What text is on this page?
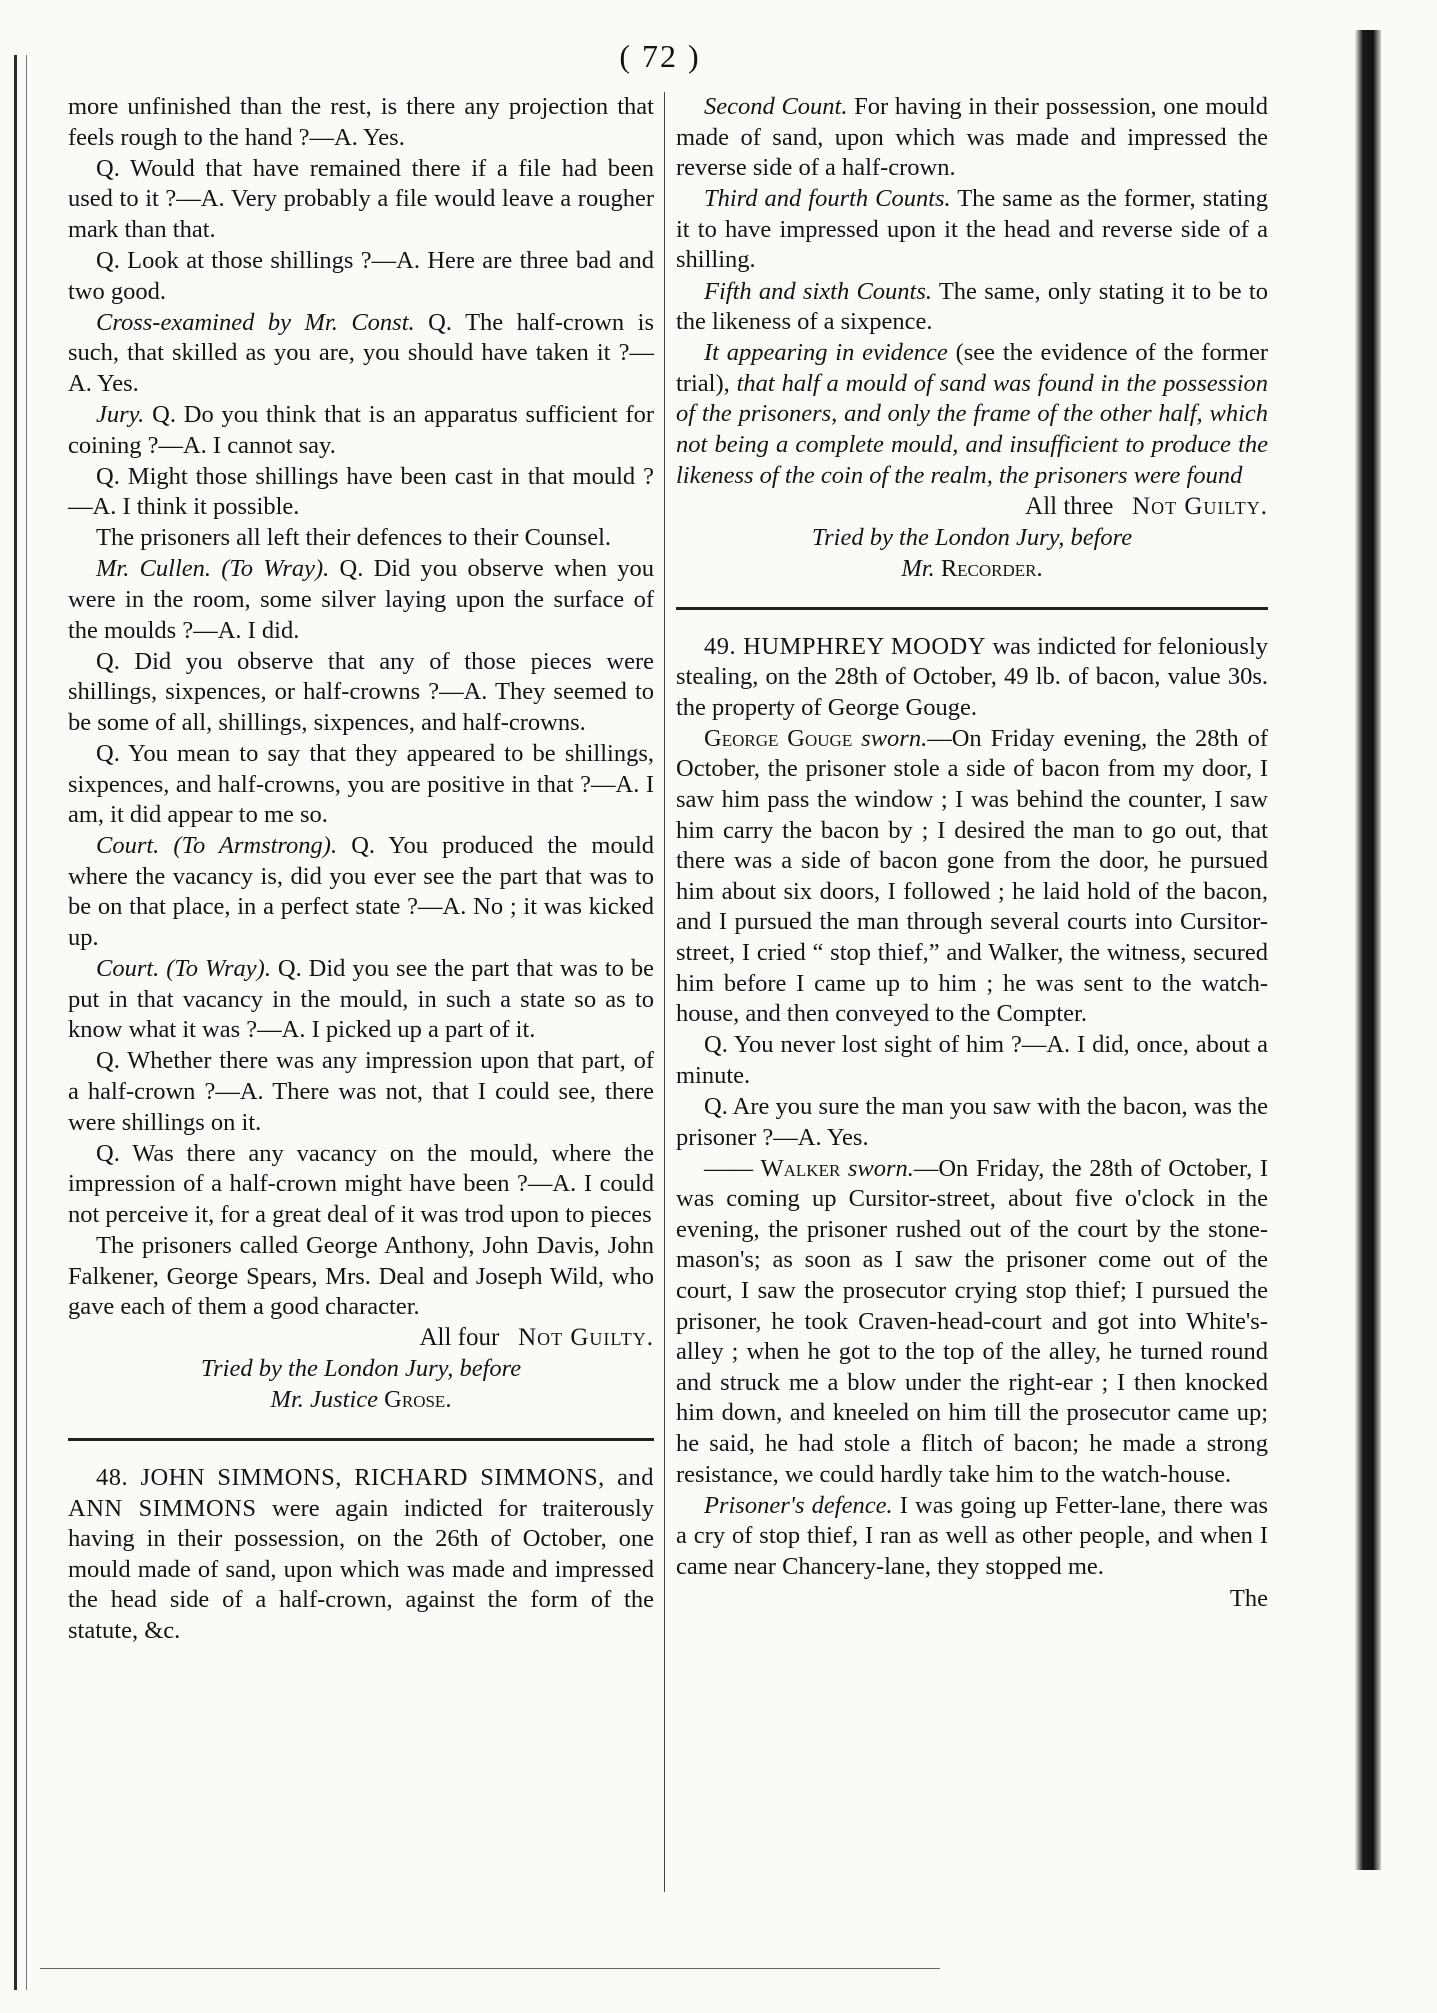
( 72 )

more unfinished than the rest, is there any projection that feels rough to the hand ?—A. Yes.

Q. Would that have remained there if a file had been used to it ?—A. Very probably a file would leave a rougher mark than that.

Q. Look at those shillings ?—A. Here are three bad and two good.

Cross-examined by Mr. Const. Q. The half-crown is such, that skilled as you are, you should have taken it ?—A. Yes.

Jury. Q. Do you think that is an apparatus sufficient for coining ?—A. I cannot say.

Q. Might those shillings have been cast in that mould ?—A. I think it possible.

The prisoners all left their defences to their Counsel.

Mr. Cullen. (To Wray). Q. Did you observe when you were in the room, some silver laying upon the surface of the moulds ?—A. I did.

Q. Did you observe that any of those pieces were shillings, sixpences, or half-crowns ?—A. They seemed to be some of all, shillings, sixpences, and half-crowns.

Q. You mean to say that they appeared to be shillings, sixpences, and half-crowns, you are positive in that ?—A. I am, it did appear to me so.

Court. (To Armstrong). Q. You produced the mould where the vacancy is, did you ever see the part that was to be on that place, in a perfect state ?—A. No ; it was kicked up.

Court. (To Wray). Q. Did you see the part that was to be put in that vacancy in the mould, in such a state so as to know what it was ?—A. I picked up a part of it.

Q. Whether there was any impression upon that part, of a half-crown ?—A. There was not, that I could see, there were shillings on it.

Q. Was there any vacancy on the mould, where the impression of a half-crown might have been ?—A. I could not perceive it, for a great deal of it was trod upon to pieces

The prisoners called George Anthony, John Davis, John Falkener, George Spears, Mrs. Deal and Joseph Wild, who gave each of them a good character.

All four Not Guilty.

Tried by the London Jury, before

Mr. Justice Grose.

48. JOHN SIMMONS, RICHARD SIMMONS, and ANN SIMMONS were again indicted for traiterously having in their possession, on the 26th of October, one mould made of sand, upon which was made and impressed the head side of a half-crown, against the form of the statute, &c.

Second Count. For having in their possession, one mould made of sand, upon which was made and impressed the reverse side of a half-crown.

Third and fourth Counts. The same as the former, stating it to have impressed upon it the head and reverse side of a shilling.

Fifth and sixth Counts. The same, only stating it to be to the likeness of a sixpence.

It appearing in evidence (see the evidence of the former trial), that half a mould of sand was found in the possession of the prisoners, and only the frame of the other half, which not being a complete mould, and insufficient to produce the likeness of the coin of the realm, the prisoners were found

All three Not Guilty.

Tried by the London Jury, before

Mr. Recorder.

49. HUMPHREY MOODY was indicted for feloniously stealing, on the 28th of October, 49 lb. of bacon, value 30s. the property of George Gouge.

George Gouge sworn.—On Friday evening, the 28th of October, the prisoner stole a side of bacon from my door, I saw him pass the window ; I was behind the counter, I saw him carry the bacon by ; I desired the man to go out, that there was a side of bacon gone from the door, he pursued him about six doors, I followed ; he laid hold of the bacon, and I pursued the man through several courts into Cursitor-street, I cried “ stop thief,” and Walker, the witness, secured him before I came up to him ; he was sent to the watch-house, and then conveyed to the Compter.

Q. You never lost sight of him ?—A. I did, once, about a minute.

Q. Are you sure the man you saw with the bacon, was the prisoner ?—A. Yes.

—— Walker sworn.—On Friday, the 28th of October, I was coming up Cursitor-street, about five o'clock in the evening, the prisoner rushed out of the court by the stone-mason's; as soon as I saw the prisoner come out of the court, I saw the prosecutor crying stop thief; I pursued the prisoner, he took Craven-head-court and got into White's-alley ; when he got to the top of the alley, he turned round and struck me a blow under the right-ear ; I then knocked him down, and kneeled on him till the prosecutor came up; he said, he had stole a flitch of bacon; he made a strong resistance, we could hardly take him to the watch-house.

Prisoner's defence. I was going up Fetter-lane, there was a cry of stop thief, I ran as well as other people, and when I came near Chancery-lane, they stopped me.

The
